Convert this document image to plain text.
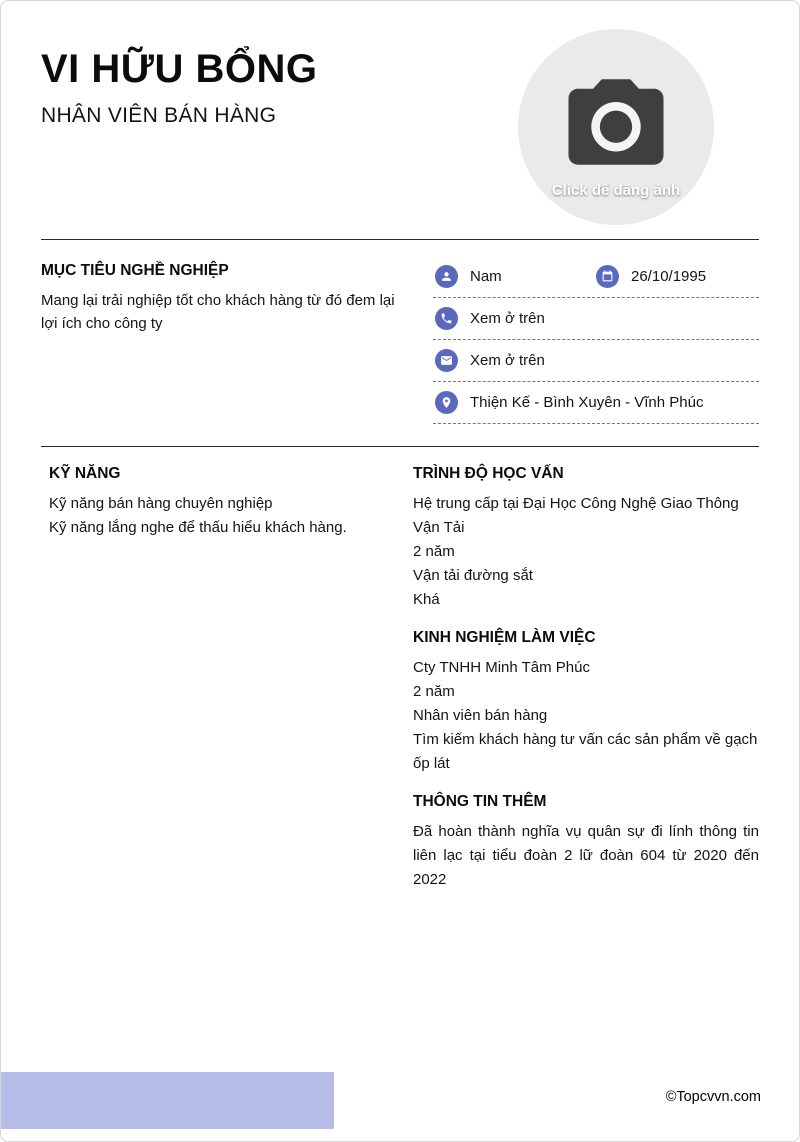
VI HỮU BỔNG
NHÂN VIÊN BÁN HÀNG
Click để đăng ảnh
MỤC TIÊU NGHỀ NGHIỆP

Mang lại trải nghiệp tốt cho khách hàng từ đó đem lại lợi ích cho công ty

Nam	26/10/1995
Xem ở trên
Xem ở trên
Thiện Kế - Bình Xuyên - Vĩnh Phúc
KỸ NĂNG

Kỹ năng bán hàng chuyên nghiệp

Kỹ năng lắng nghe để thấu hiểu khách hàng.

TRÌNH ĐỘ HỌC VẤN

Hệ trung cấp tại Đại Học Công Nghệ Giao Thông Vận Tải

2 năm

Vận tải đường sắt

Khá

KINH NGHIỆM LÀM VIỆC

Cty TNHH Minh Tâm Phúc

2 năm

Nhân viên bán hàng

Tìm kiếm khách hàng tư vấn các sản phẩm về gạch ốp lát

THÔNG TIN THÊM

Đã hoàn thành nghĩa vụ quân sự đi lính thông tin liên lạc tại tiểu đoàn 2 lữ đoàn 604 từ 2020 đến 2022

©Topcvvn.com
